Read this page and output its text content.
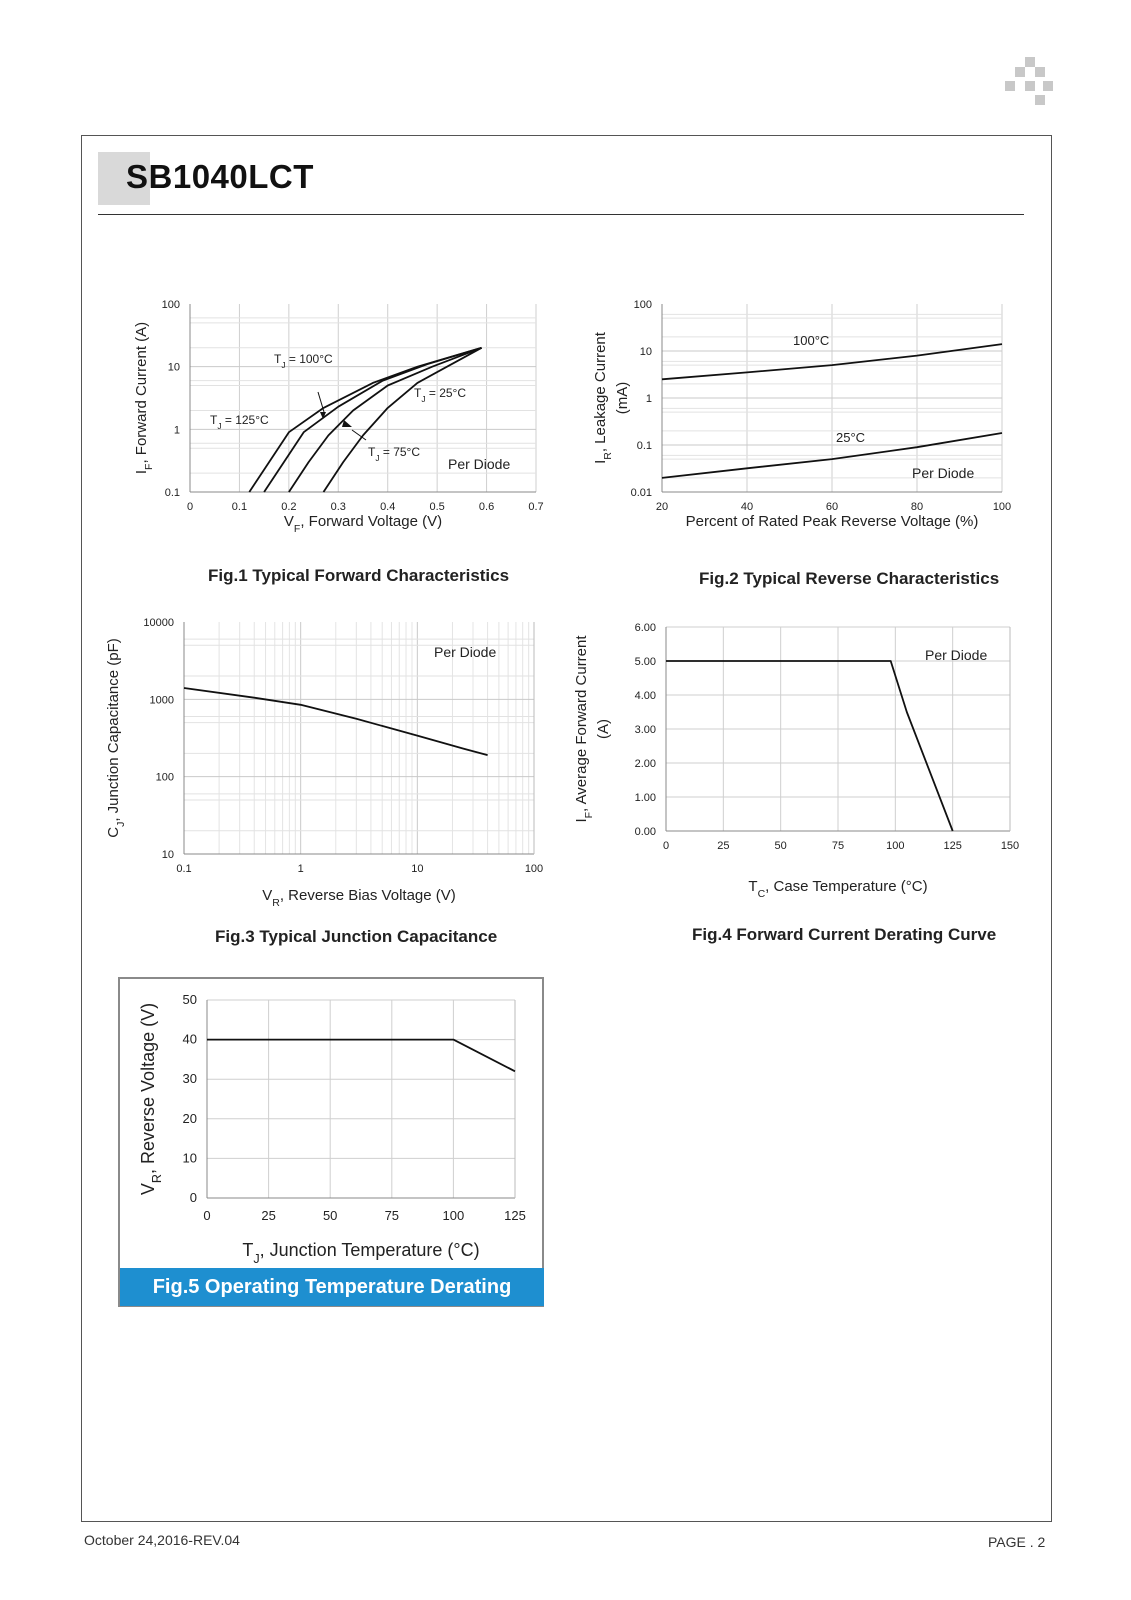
SB1040LCT
0	0.1	0.2	0.3	0.4	0.5	0.6	0.7
0.1
1
10
100
$V_F$, Forward Voltage (V)
$I_F$, Forward Current (A)
Per Diode
$T_J = 100^\circ C$
$T_J = 125^\circ C$
$T_J = 75^\circ C$
$T_J = 25^\circ C$
Fig.1 Typical Forward Characteristics
20	40	60	80	100
0.01
0.1
1
10
100
Percent of Rated Peak Reverse Voltage (%)
$I_R$, Leakage Current (mA)
Per Diode
100°C
25°C
Fig.2 Typical Reverse Characteristics
0.1	1	10	100
10
100
1000
10000
$V_R$, Reverse Bias Voltage (V)
$C_J$, Junction Capacitance (pF)	Per Diode
Fig.3 Typical Junction Capacitance
0	25	50	75	100	125	150
0.00
1.00
2.00
3.00
4.00
5.00
6.00
$T_C$, Case Temperature (°C)
$I_F$, Average Forward Current (A)
Per Diode
Fig.4 Forward Current Derating Curve
0	25	50	75	100	125
0
10
20
30
40
50
$T_J$, Junction Temperature (°C)
$V_R$, Reverse Voltage (V)
Fig.5 Operating Temperature Derating
October 24,2016-REV.04	PAGE . 2
